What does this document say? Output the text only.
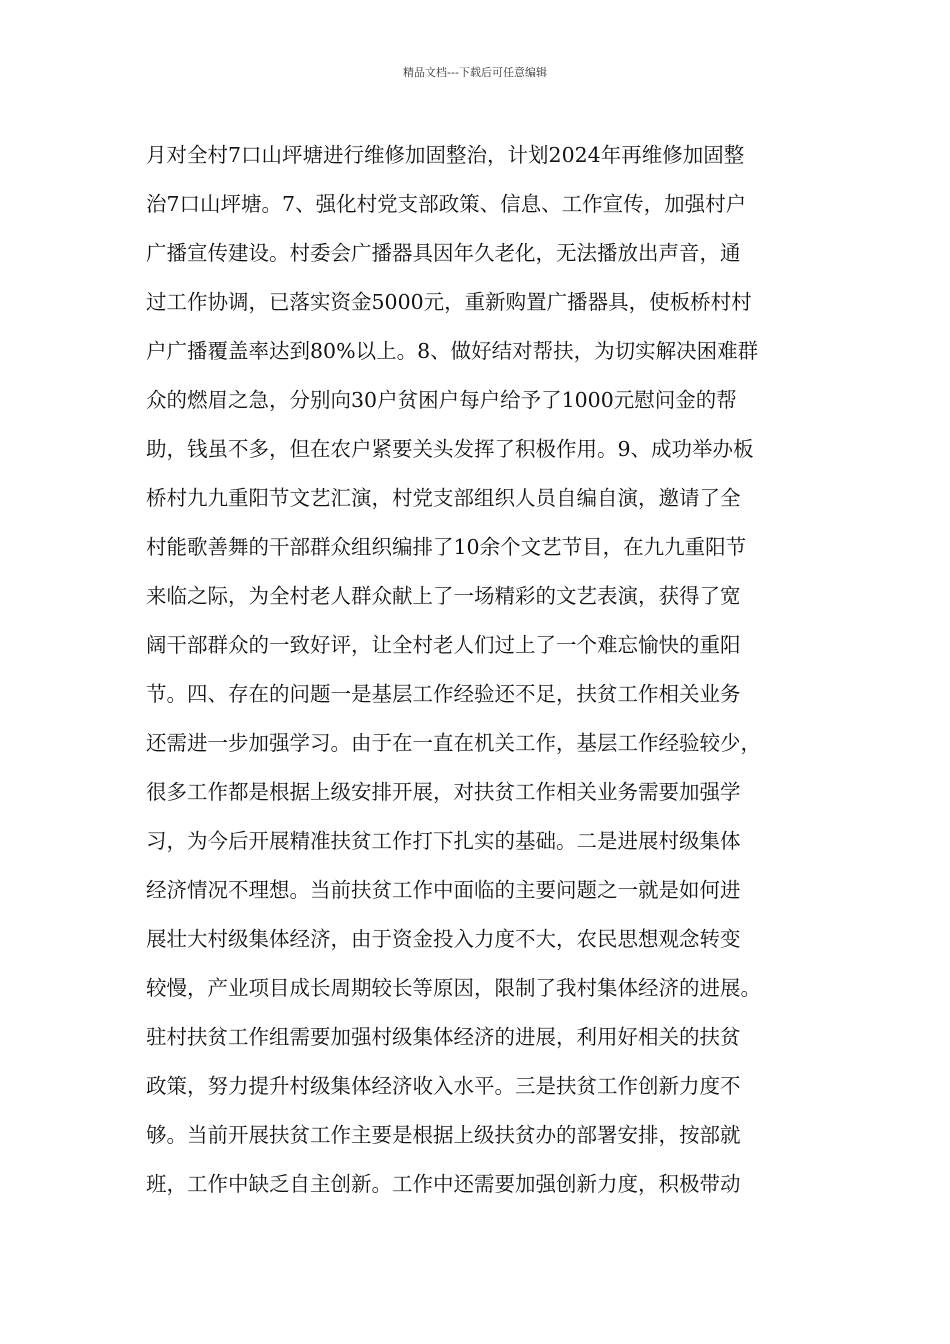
精品文档---下载后可任意编辑
月对全村7口山坪塘进行维修加固整治，计划2024年再维修加固整
治7口山坪塘。7、强化村党支部政策、信息、工作宣传，加强村户
广播宣传建设。村委会广播器具因年久老化，无法播放出声音，通
过工作协调，已落实资金5000元，重新购置广播器具，使板桥村村
户广播覆盖率达到80%以上。8、做好结对帮扶，为切实解决困难群
众的燃眉之急，分别向30户贫困户每户给予了1000元慰问金的帮
助，钱虽不多，但在农户紧要关头发挥了积极作用。9、成功举办板
桥村九九重阳节文艺汇演，村党支部组织人员自编自演，邀请了全
村能歌善舞的干部群众组织编排了10余个文艺节目，在九九重阳节
来临之际，为全村老人群众献上了一场精彩的文艺表演，获得了宽
阔干部群众的一致好评，让全村老人们过上了一个难忘愉快的重阳
节。四、存在的问题一是基层工作经验还不足，扶贫工作相关业务
还需进一步加强学习。由于在一直在机关工作，基层工作经验较少，
很多工作都是根据上级安排开展，对扶贫工作相关业务需要加强学
习，为今后开展精准扶贫工作打下扎实的基础。二是进展村级集体
经济情况不理想。当前扶贫工作中面临的主要问题之一就是如何进
展壮大村级集体经济，由于资金投入力度不大，农民思想观念转变
较慢，产业项目成长周期较长等原因，限制了我村集体经济的进展。
驻村扶贫工作组需要加强村级集体经济的进展，利用好相关的扶贫
政策，努力提升村级集体经济收入水平。三是扶贫工作创新力度不
够。当前开展扶贫工作主要是根据上级扶贫办的部署安排，按部就
班，工作中缺乏自主创新。工作中还需要加强创新力度，积极带动
